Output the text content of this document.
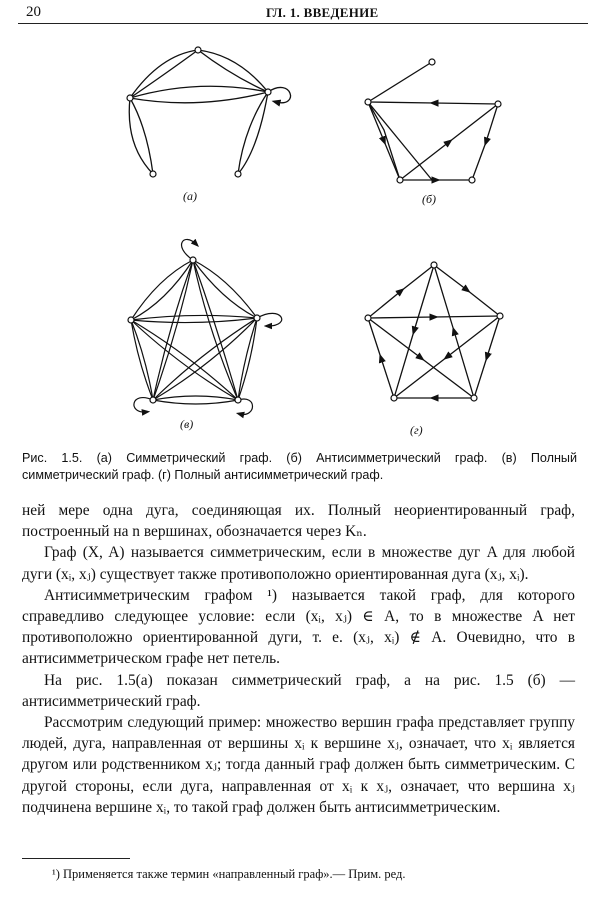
20	ГЛ. 1. ВВЕДЕНИЕ
(а)	(б)
(в)	(г)
Рис. 1.5. (а) Симметрический граф. (б) Антисимметрический граф. (в) Полный симметрический граф. (г) Полный антисимметрический граф.

ней мере одна дуга, соединяющая их. Полный неориентированный граф, построенный на n вершинах, обозначается через Kₙ.

Граф (X, A) называется симметрическим, если в множестве дуг A для любой дуги (xᵢ, xⱼ) существует также противоположно ориентированная дуга (xⱼ, xᵢ).

Антисимметрическим графом ¹) называется такой граф, для которого справедливо следующее условие: если (xᵢ, xⱼ) ∈ A, то в множестве A нет противоположно ориентированной дуги, т. е. (xⱼ, xᵢ) ∉ A. Очевидно, что в антисимметрическом графе нет петель.

На рис. 1.5(а) показан симметрический граф, а на рис. 1.5 (б) — антисимметрический граф.

Рассмотрим следующий пример: множество вершин графа представляет группу людей, дуга, направленная от вершины xᵢ к вершине xⱼ, означает, что xᵢ является другом или родственником xⱼ; тогда данный граф должен быть симметрическим. С другой стороны, если дуга, направленная от xᵢ к xⱼ, означает, что вершина xⱼ подчинена вершине xᵢ, то такой граф должен быть антисимметрическим.

¹) Применяется также термин «направленный граф».— Прим. ред.
